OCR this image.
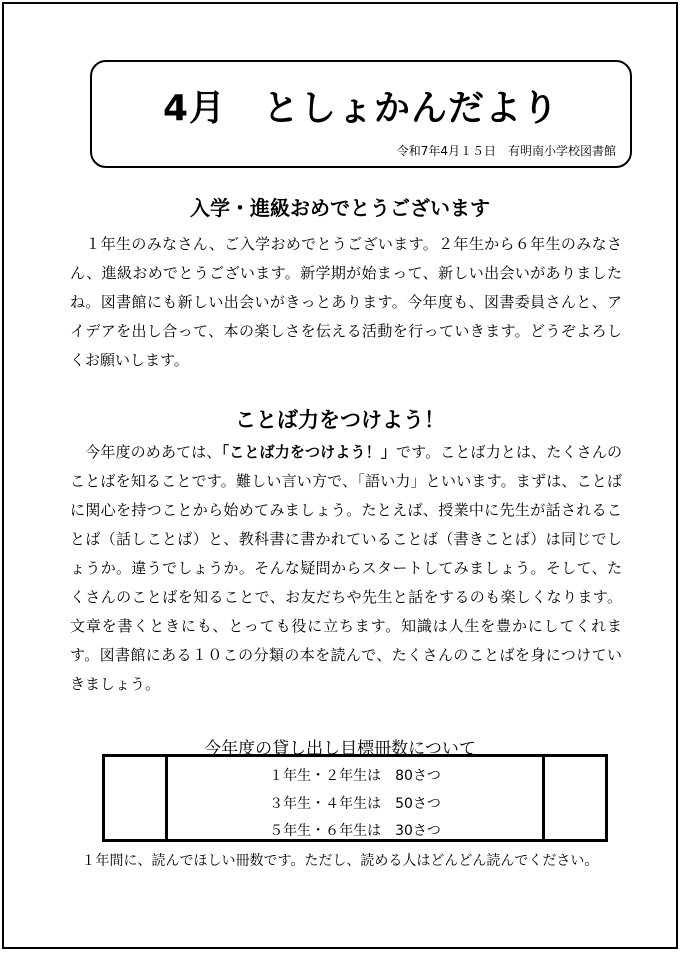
4月　としょかんだより
令和7年4月１５日　有明南小学校図書館
入学・進級おめでとうございます
１年生のみなさん、ご入学おめでとうございます。２年生から６年生のみなさん、進級おめでとうございます。新学期が始まって、新しい出会いがありましたね。図書館にも新しい出会いがきっとあります。今年度も、図書委員さんと、アイデアを出し合って、本の楽しさを伝える活動を行っていきます。どうぞよろしくお願いします。
ことば力をつけよう！
今年度のめあては、「ことば力をつけよう！」です。ことば力とは、たくさんのことばを知ることです。難しい言い方で、「語い力」といいます。まずは、ことばに関心を持つことから始めてみましょう。たとえば、授業中に先生が話されることば（話しことば）と、教科書に書かれていることば（書きことば）は同じでしょうか。違うでしょうか。そんな疑問からスタートしてみましょう。そして、たくさんのことばを知ることで、お友だちや先生と話をするのも楽しくなります。文章を書くときにも、とっても役に立ちます。知識は人生を豊かにしてくれます。図書館にある１０この分類の本を読んで、たくさんのことばを身につけていきましょう。
今年度の貸し出し目標冊数について
１年生・２年生は　80さつ
３年生・４年生は　50さつ
５年生・６年生は　30さつ
１年間に、読んでほしい冊数です。ただし、読める人はどんどん読んでください。
